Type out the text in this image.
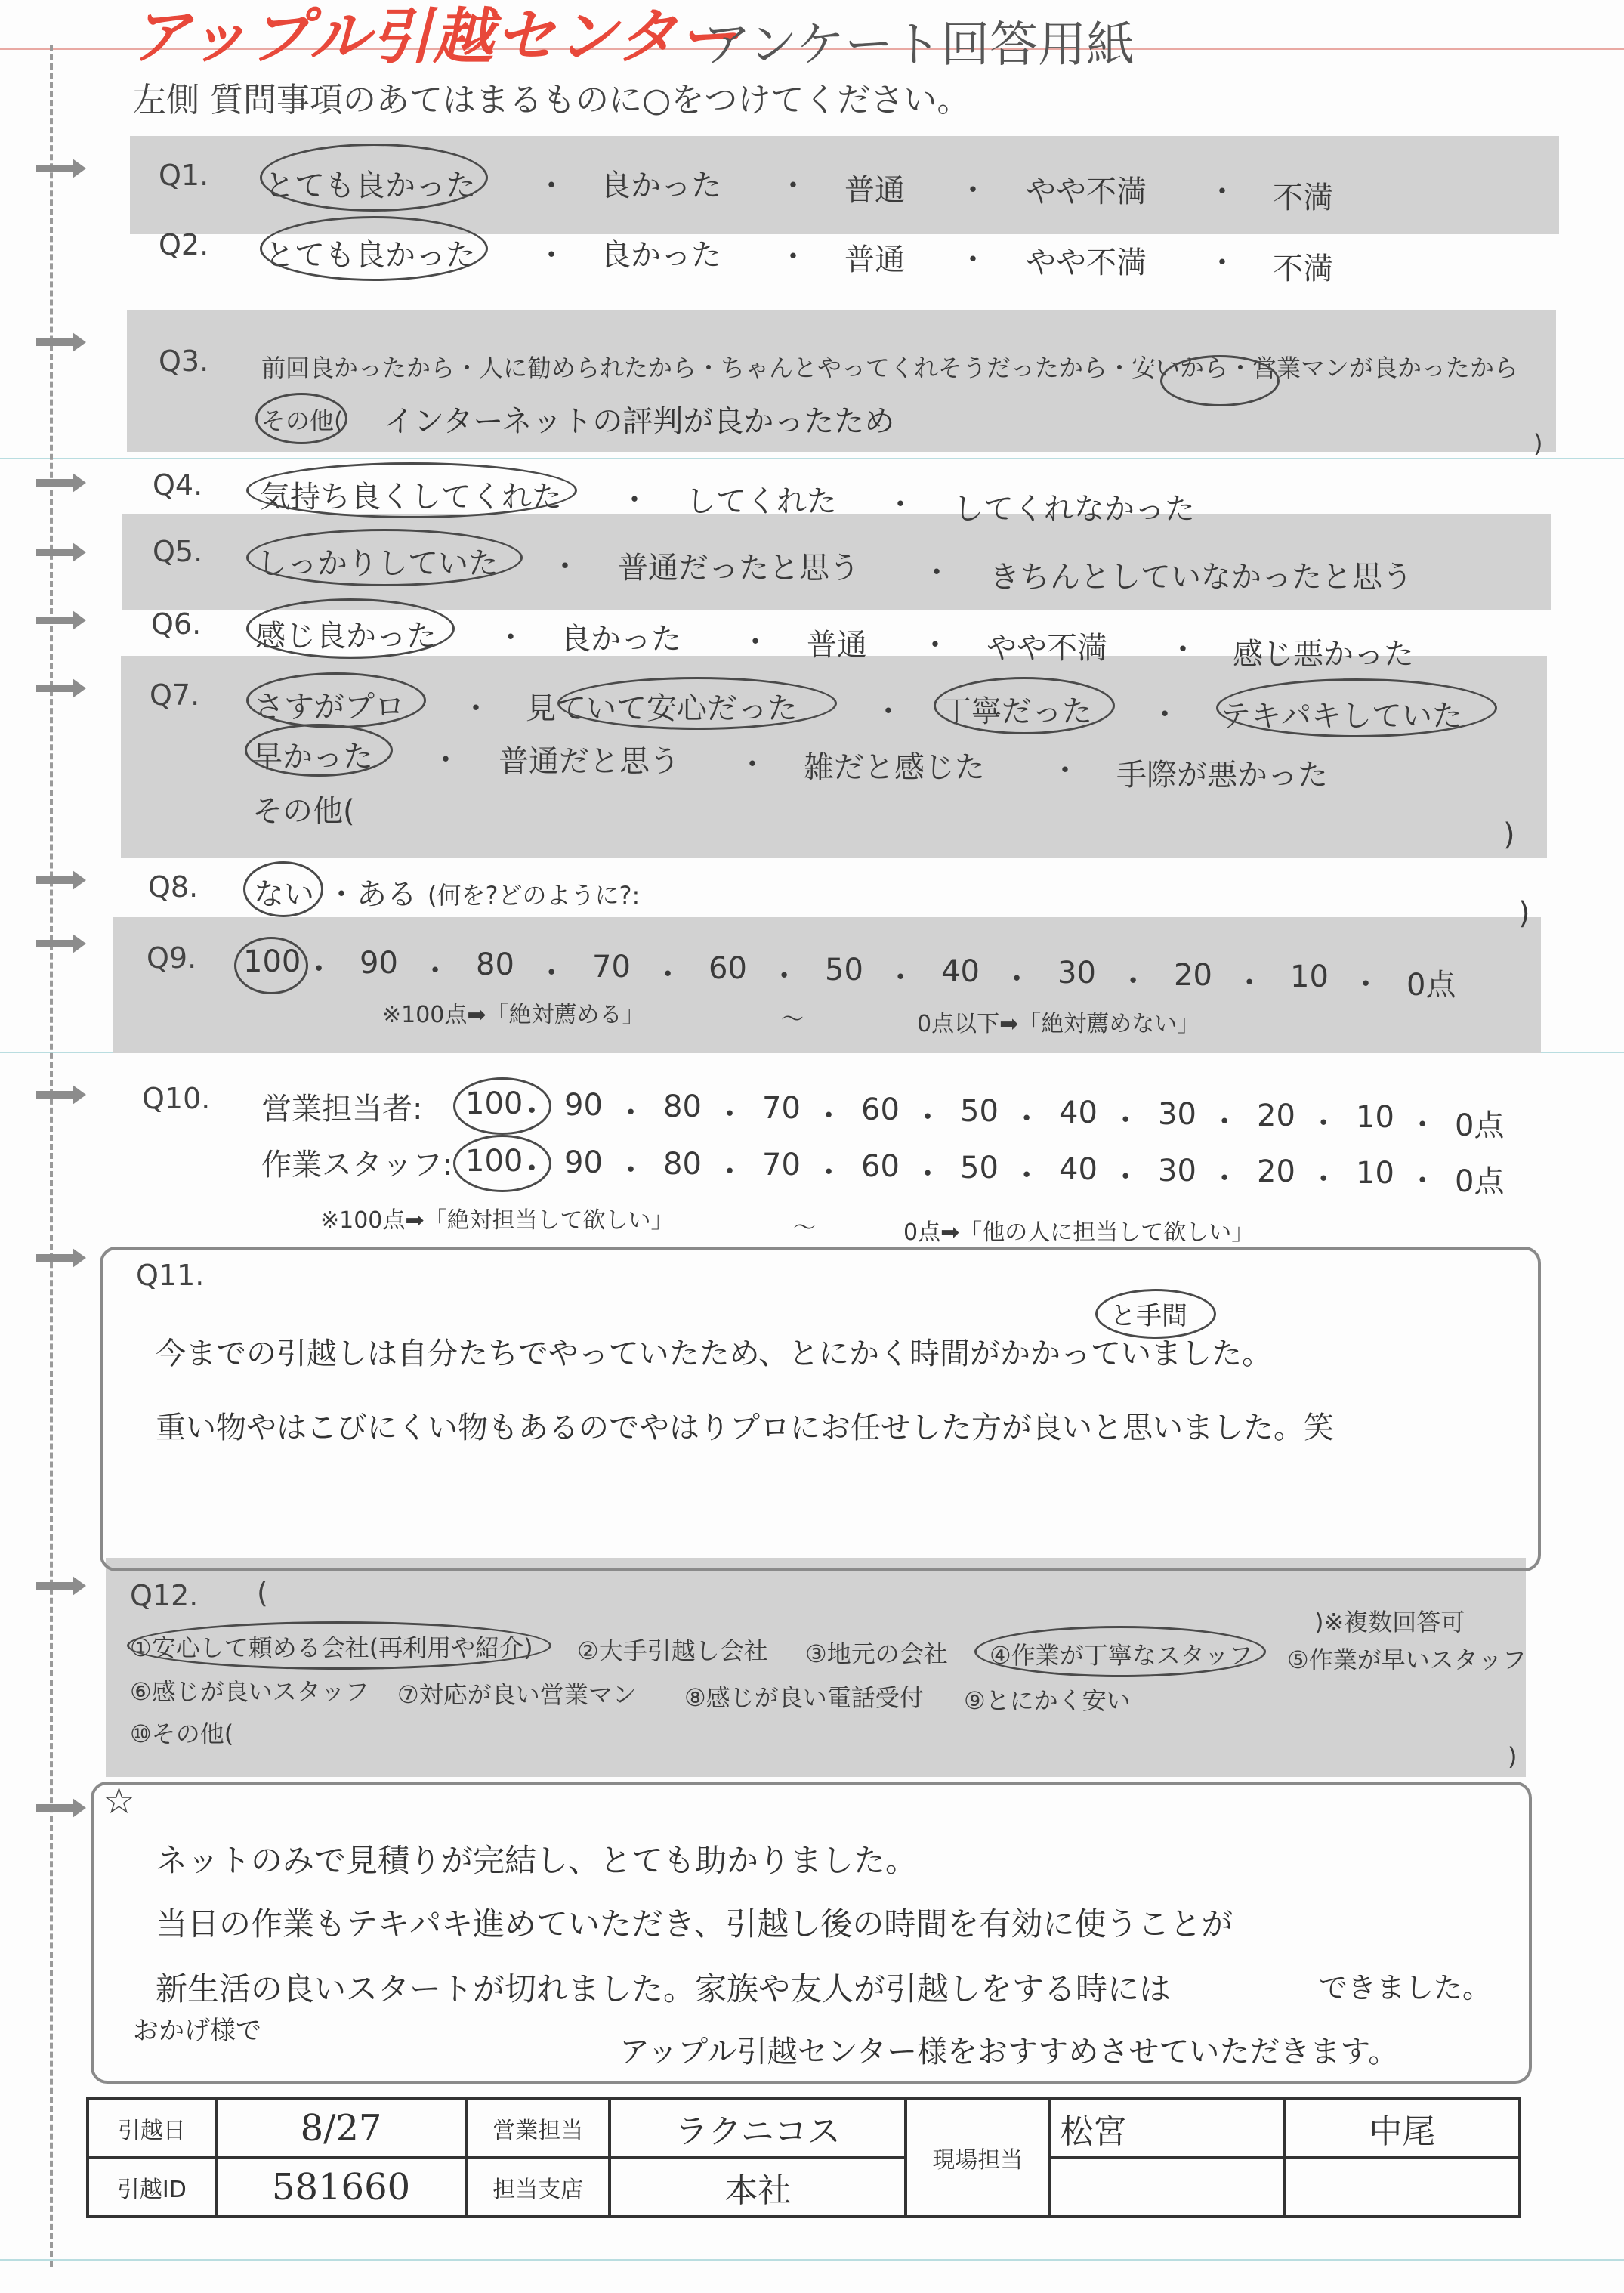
アップル引越センター
アンケート回答用紙
左側 質問事項のあてはまるものに○をつけてください。
Q1. とても良かった ・ 良かった ・ 普通 ・ やや不満 ・ 不満
Q2. とても良かった ・ 良かった ・ 普通 ・ やや不満 ・ 不満
Q3. 前回良かったから・人に勧められたから・ちゃんとやってくれそうだったから・安いから・営業マンが良かったから
その他( インターネットの評判が良かったため
)
Q4. 気持ち良くしてくれた ・ してくれた ・ してくれなかった
Q5. しっかりしていた ・ 普通だったと思う ・ きちんとしていなかったと思う
Q6. 感じ良かった ・ 良かった ・ 普通 ・ やや不満 ・ 感じ悪かった
Q7. さすがプロ ・ 見ていて安心だった	・ 丁寧だった ・ テキパキしていた
早かった ・ 普通だと思う ・ 雑だと感じた ・ 手際が悪かった
その他(
)
Q8. ない ・ある (何を?どのように?:
)
Q9. 100 ・ 90 ・ 80 ・ 70 ・ 60 ・ 50 ・ 40 ・ 30 ・ 20 ・ 10 ・ 0点
※100点➡「絶対薦める」	〜	0点以下➡「絶対薦めない」
Q10. 営業担当者: 100
・ 90 ・ 80 ・ 70 ・ 60 ・ 50 ・ 40 ・ 30 ・ 20 ・ 10 ・ 0点
作業スタッフ: 100
・ 90 ・ 80 ・ 70 ・ 60 ・ 50 ・ 40 ・ 30 ・ 20 ・ 10 ・ 0点
※100点➡「絶対担当して欲しい」	〜	0点➡「他の人に担当して欲しい」
Q11.
と手間
今までの引越しは自分たちでやっていたため、とにかく時間がかかっていました。
重い物やはこびにくい物もあるのでやはりプロにお任せした方が良いと思いました。笑
Q12. (
)※複数回答可
①安心して頼める会社(再利用や紹介) ②大手引越し会社 ③地元の会社 ④作業が丁寧なスタッフ ⑤作業が早いスタッフ
⑥感じが良いスタッフ ⑦対応が良い営業マン ⑧感じが良い電話受付 ⑨とにかく安い
⑩その他(
)
☆
ネットのみで見積りが完結し、とても助かりました。
当日の作業もテキパキ進めていただき、引越し後の時間を有効に使うことが
新生活の良いスタートが切れました。家族や友人が引越しをする時には	できました。
おかげ様で
アップル引越センター様をおすすめさせていただきます。
引越日	8/27	営業担当	ラクニコス	現場担当	松宮	中尾
引越ID	581660	担当支店	本社			
